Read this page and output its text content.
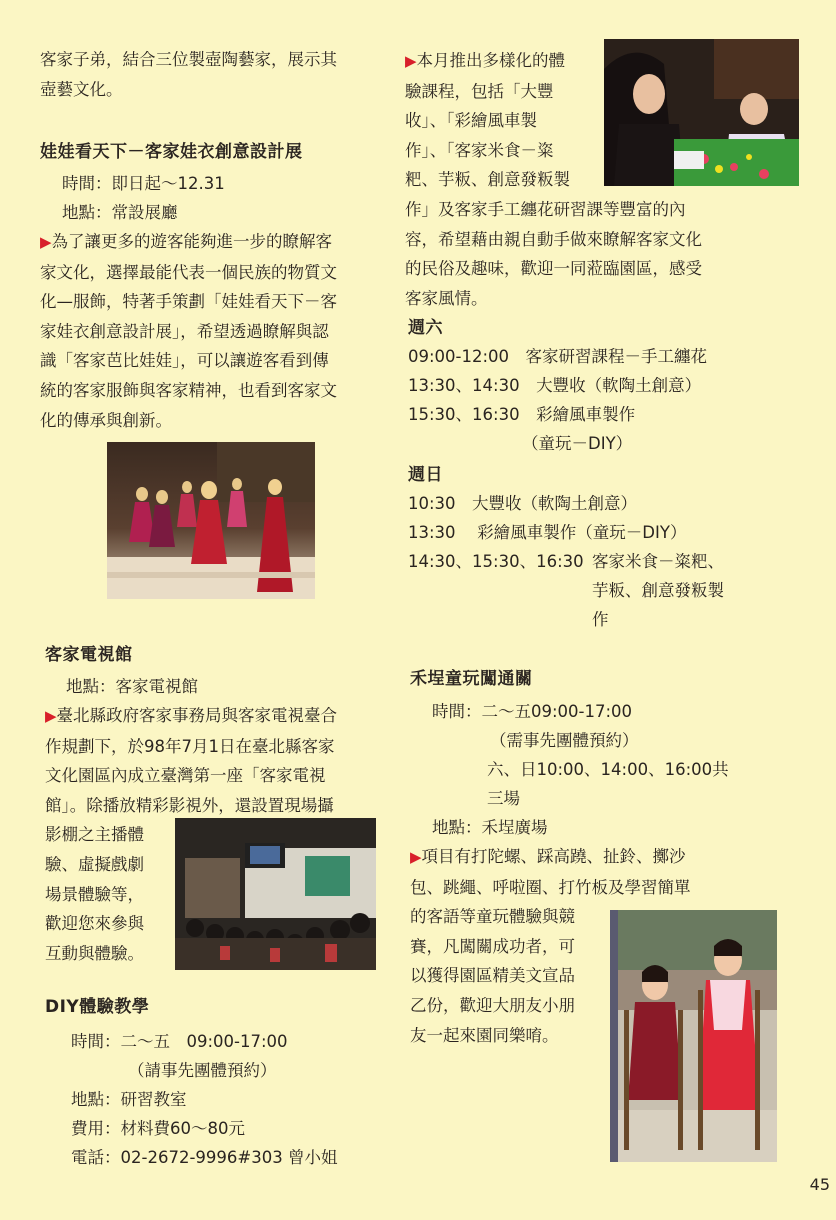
客家子弟，結合三位製壺陶藝家，展示其

壺藝文化。

娃娃看天下－客家娃衣創意設計展

時間：即日起～12.31
地點：常設展廳
▶為了讓更多的遊客能夠進一步的瞭解客
家文化，選擇最能代表一個民族的物質文
化—服飾，特著手策劃「娃娃看天下－客
家娃衣創意設計展」，希望透過瞭解與認
識「客家芭比娃娃」，可以讓遊客看到傳
統的客家服飾與客家精神，也看到客家文
化的傳承與創新。

客家電視館

地點：客家電視館
▶臺北縣政府客家事務局與客家電視臺合
作規劃下，於98年7月1日在臺北縣客家
文化園區內成立臺灣第一座「客家電視
館」。除播放精彩影視外，還設置現場攝
影棚之主播體
驗、虛擬戲劇
場景體驗等，
歡迎您來參與
互動與體驗。

DIY體驗教學

時間：二～五　09:00-17:00
（請事先團體預約）
地點：研習教室
費用：材料費60～80元
電話：02-2672-9996#303 曾小姐
▶本月推出多樣化的體
驗課程，包括「大豐
收」、「彩繪風車製
作」、「客家米食－粢
粑、芋粄、創意發粄製
作」及客家手工纏花研習課等豐富的內
容，希望藉由親自動手做來瞭解客家文化
的民俗及趣味，歡迎一同蒞臨園區，感受
客家風情。

週六

09:00-12:00　客家研習課程－手工纏花
13:30、14:30　大豐收（軟陶土創意）
15:30、16:30　彩繪風車製作
（童玩－DIY）

週日

10:30　大豐收（軟陶土創意）
13:30　 彩繪風車製作（童玩－DIY）
14:30、15:30、16:30 客家米食－粢粑、
芋粄、創意發粄製
作

禾埕童玩闖通關

時間：二～五09:00-17:00
（需事先團體預約）
六、日10:00、14:00、16:00共
三場
地點：禾埕廣場
▶項目有打陀螺、踩高蹺、扯鈴、擲沙
包、跳繩、呼啦圈、打竹板及學習簡單
的客語等童玩體驗與競
賽，凡闖關成功者，可
以獲得園區精美文宣品
乙份，歡迎大朋友小朋
友一起來園同樂唷。
45
